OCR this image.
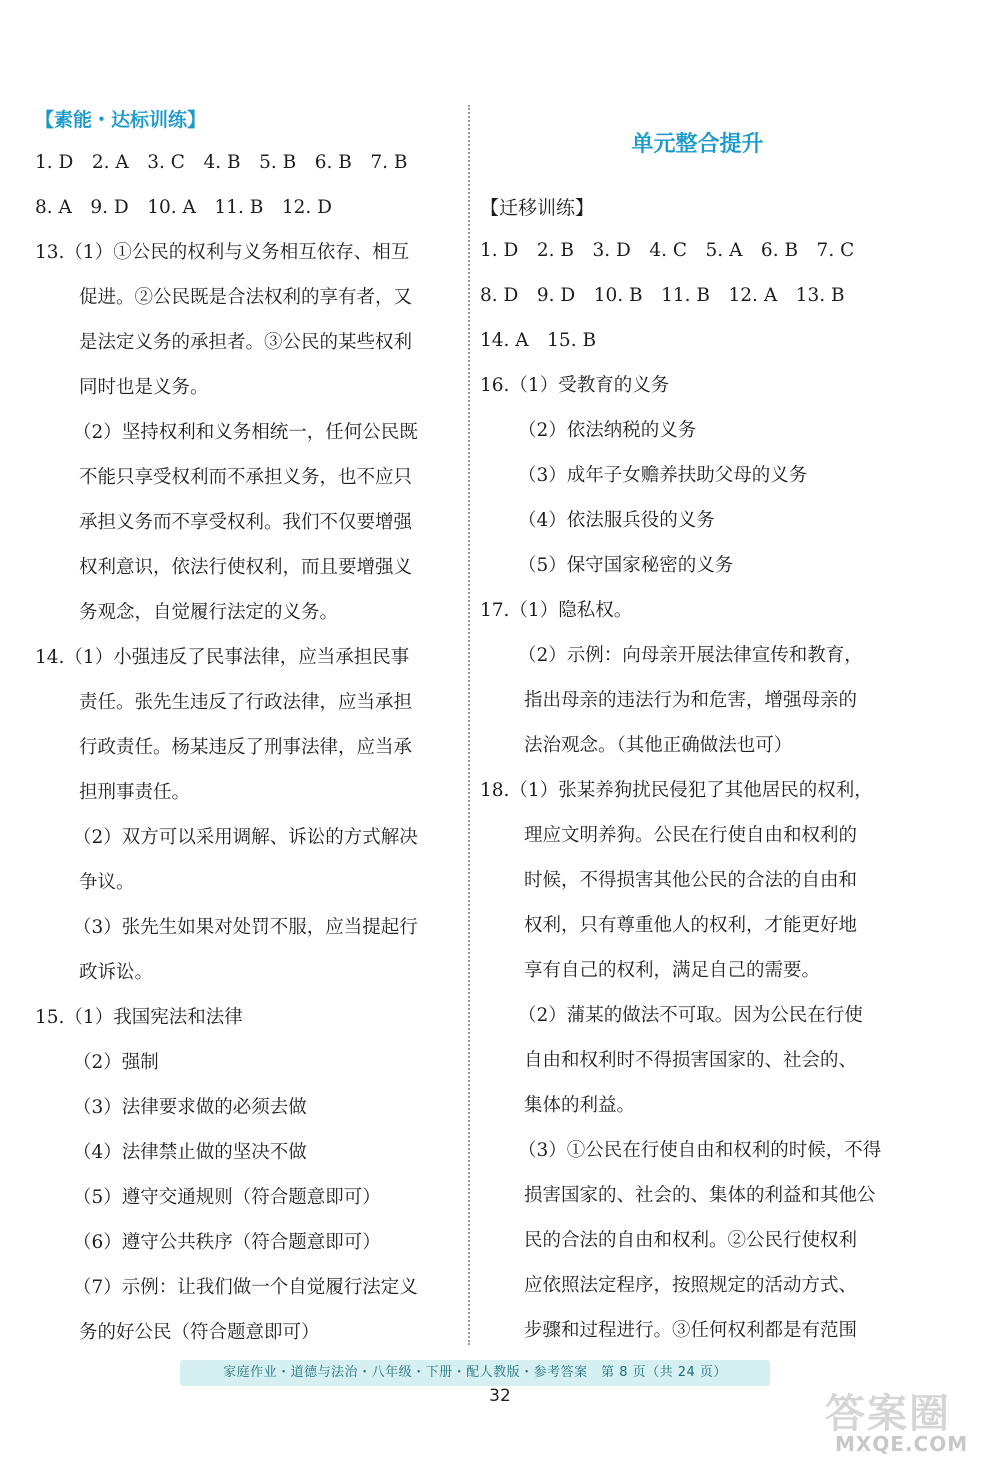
【素能・达标训练】
1. D　2. A　3. C　4. B　5. B　6. B　7. B
8. A　9. D　10. A　11. B　12. D
13.（1）①公民的权利与义务相互依存、相互
促进。②公民既是合法权利的享有者，又
是法定义务的承担者。③公民的某些权利
同时也是义务。
（2）坚持权利和义务相统一，任何公民既
不能只享受权利而不承担义务，也不应只
承担义务而不享受权利。我们不仅要增强
权利意识，依法行使权利，而且要增强义
务观念，自觉履行法定的义务。
14.（1）小强违反了民事法律，应当承担民事
责任。张先生违反了行政法律，应当承担
行政责任。杨某违反了刑事法律，应当承
担刑事责任。
（2）双方可以采用调解、诉讼的方式解决
争议。
（3）张先生如果对处罚不服，应当提起行
政诉讼。
15.（1）我国宪法和法律
（2）强制
（3）法律要求做的必须去做
（4）法律禁止做的坚决不做
（5）遵守交通规则（符合题意即可）
（6）遵守公共秩序（符合题意即可）
（7）示例：让我们做一个自觉履行法定义
务的好公民（符合题意即可）
单元整合提升
【迁移训练】
1. D　2. B　3. D　4. C　5. A　6. B　7. C
8. D　9. D　10. B　11. B　12. A　13. B
14. A　15. B
16.（1）受教育的义务
（2）依法纳税的义务
（3）成年子女赡养扶助父母的义务
（4）依法服兵役的义务
（5）保守国家秘密的义务
17.（1）隐私权。
（2）示例：向母亲开展法律宣传和教育，
指出母亲的违法行为和危害，增强母亲的
法治观念。（其他正确做法也可）
18.（1）张某养狗扰民侵犯了其他居民的权利，
理应文明养狗。公民在行使自由和权利的
时候，不得损害其他公民的合法的自由和
权利，只有尊重他人的权利，才能更好地
享有自己的权利，满足自己的需要。
（2）蒲某的做法不可取。因为公民在行使
自由和权利时不得损害国家的、社会的、
集体的利益。
（3）①公民在行使自由和权利的时候，不得
损害国家的、社会的、集体的利益和其他公
民的合法的自由和权利。②公民行使权利
应依照法定程序，按照规定的活动方式、
步骤和过程进行。③任何权利都是有范围
家庭作业・道德与法治・八年级・下册・配人教版・参考答案　第 8 页（共 24 页）
32	答案圈
MXQE.COM
